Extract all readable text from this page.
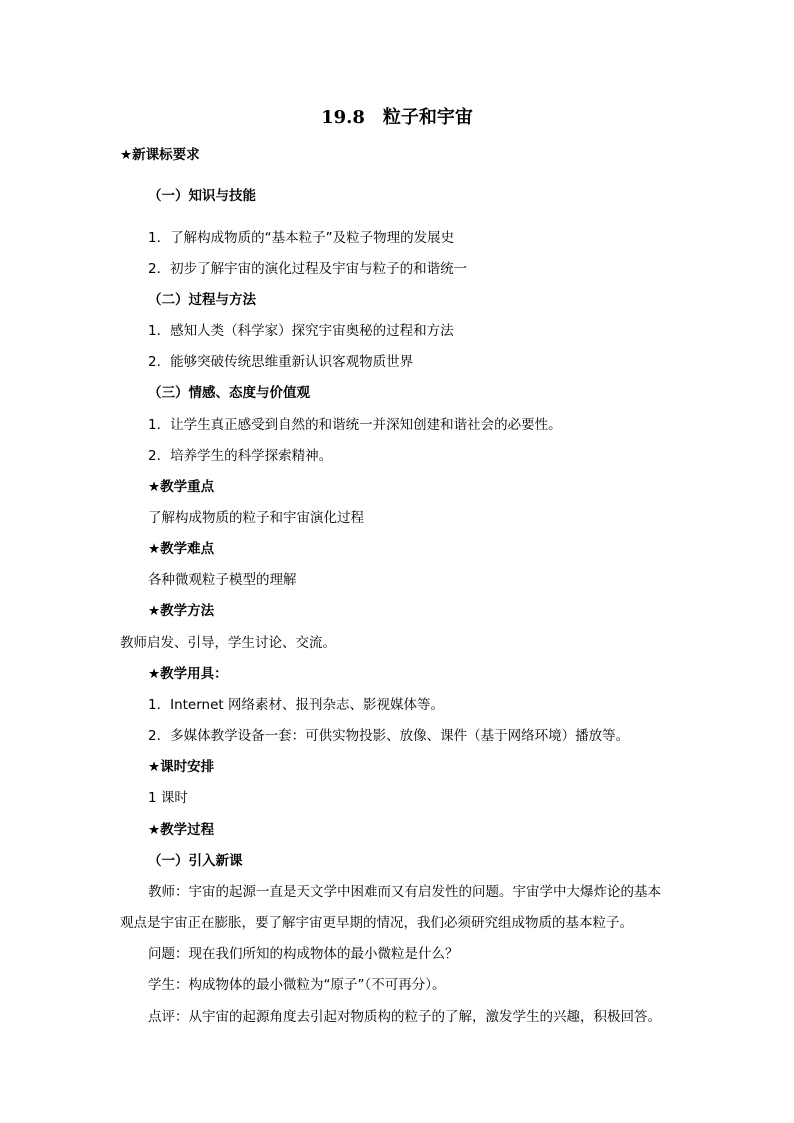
19.8　粒子和宇宙
★新课标要求
（一）知识与技能
1．了解构成物质的“基本粒子”及粒子物理的发展史
2．初步了解宇宙的演化过程及宇宙与粒子的和谐统一
（二）过程与方法
1．感知人类（科学家）探究宇宙奥秘的过程和方法
2．能够突破传统思维重新认识客观物质世界
（三）情感、态度与价值观
1．让学生真正感受到自然的和谐统一并深知创建和谐社会的必要性。
2．培养学生的科学探索精神。
★教学重点
了解构成物质的粒子和宇宙演化过程
★教学难点
各种微观粒子模型的理解
★教学方法
教师启发、引导，学生讨论、交流。
★教学用具：
1．Internet 网络素材、报刊杂志、影视媒体等。
2．多媒体教学设备一套：可供实物投影、放像、课件（基于网络环境）播放等。
★课时安排
1 课时
★教学过程
（一）引入新课
教师：宇宙的起源一直是天文学中困难而又有启发性的问题。宇宙学中大爆炸论的基本
观点是宇宙正在膨胀，要了解宇宙更早期的情况，我们必须研究组成物质的基本粒子。
问题：现在我们所知的构成物体的最小微粒是什么？
学生：构成物体的最小微粒为“原子”（不可再分）。
点评：从宇宙的起源角度去引起对物质构的粒子的了解，激发学生的兴趣，积极回答。
